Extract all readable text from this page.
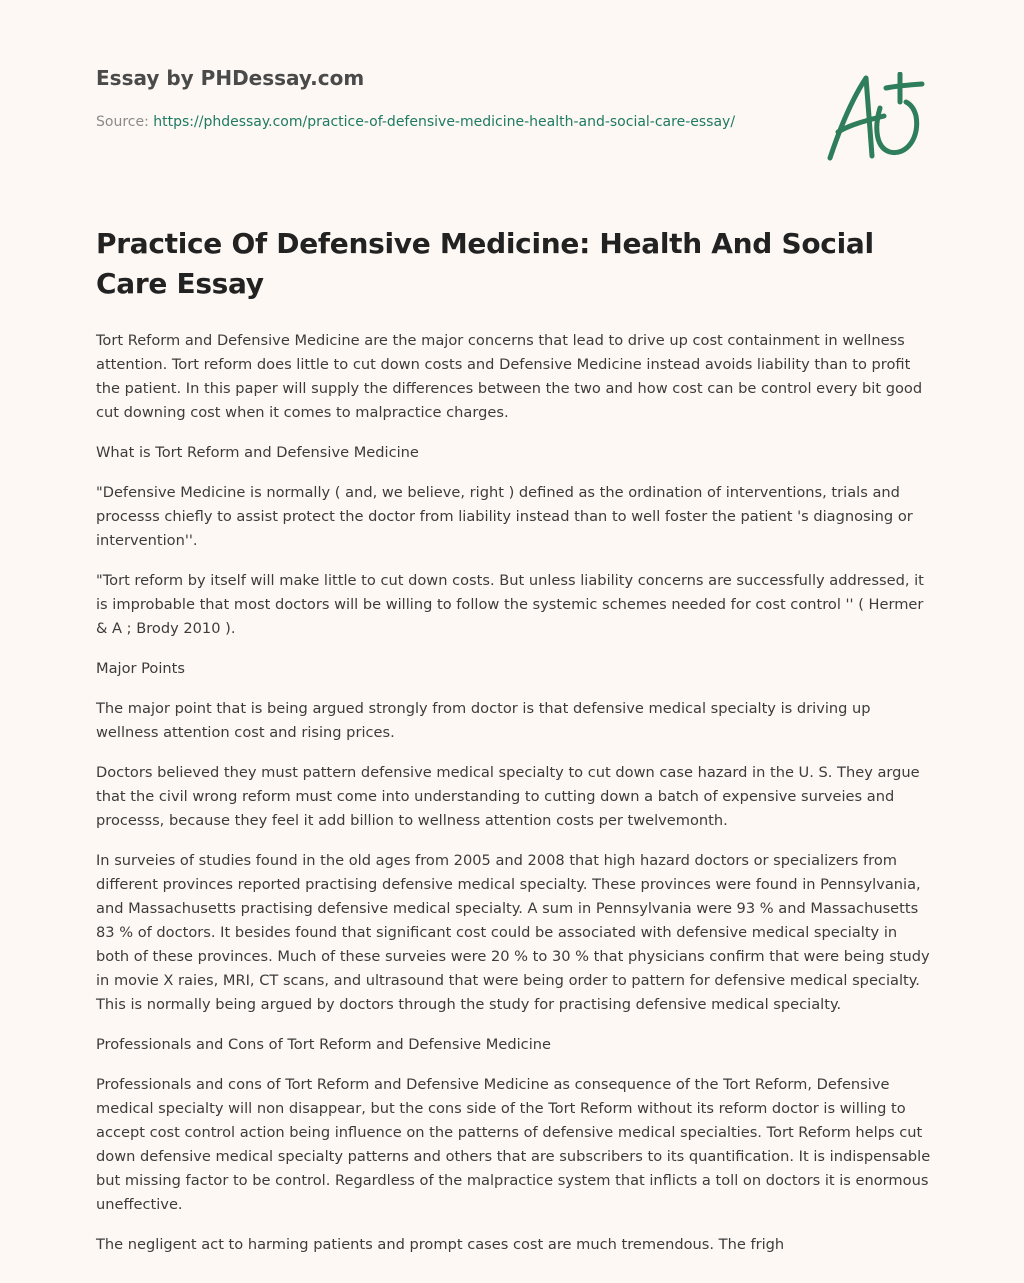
Essay by PHDessay.com
Source: https://phdessay.com/practice-of-defensive-medicine-health-and-social-care-essay/
Practice Of Defensive Medicine: Health And Social Care Essay

Tort Reform and Defensive Medicine are the major concerns that lead to drive up cost containment in wellness attention. Tort reform does little to cut down costs and Defensive Medicine instead avoids liability than to profit the patient. In this paper will supply the differences between the two and how cost can be control every bit good cut downing cost when it comes to malpractice charges.

What is Tort Reform and Defensive Medicine

"Defensive Medicine is normally ( and, we believe, right ) defined as the ordination of interventions, trials and processs chiefly to assist protect the doctor from liability instead than to well foster the patient 's diagnosing or intervention''.

"Tort reform by itself will make little to cut down costs. But unless liability concerns are successfully addressed, it is improbable that most doctors will be willing to follow the systemic schemes needed for cost control '' ( Hermer & A ; Brody 2010 ).

Major Points

The major point that is being argued strongly from doctor is that defensive medical specialty is driving up wellness attention cost and rising prices.

Doctors believed they must pattern defensive medical specialty to cut down case hazard in the U. S. They argue that the civil wrong reform must come into understanding to cutting down a batch of expensive surveies and processs, because they feel it add billion to wellness attention costs per twelvemonth.

In surveies of studies found in the old ages from 2005 and 2008 that high hazard doctors or specializers from different provinces reported practising defensive medical specialty. These provinces were found in Pennsylvania, and Massachusetts practising defensive medical specialty. A sum in Pennsylvania were 93 % and Massachusetts 83 % of doctors. It besides found that significant cost could be associated with defensive medical specialty in both of these provinces. Much of these surveies were 20 % to 30 % that physicians confirm that were being study in movie X raies, MRI, CT scans, and ultrasound that were being order to pattern for defensive medical specialty. This is normally being argued by doctors through the study for practising defensive medical specialty.

Professionals and Cons of Tort Reform and Defensive Medicine

Professionals and cons of Tort Reform and Defensive Medicine as consequence of the Tort Reform, Defensive medical specialty will non disappear, but the cons side of the Tort Reform without its reform doctor is willing to accept cost control action being influence on the patterns of defensive medical specialties. Tort Reform helps cut down defensive medical specialty patterns and others that are subscribers to its quantification. It is indispensable but missing factor to be control. Regardless of the malpractice system that inflicts a toll on doctors it is enormous uneffective.

The negligent act to harming patients and prompt cases cost are much tremendous. The frigh
